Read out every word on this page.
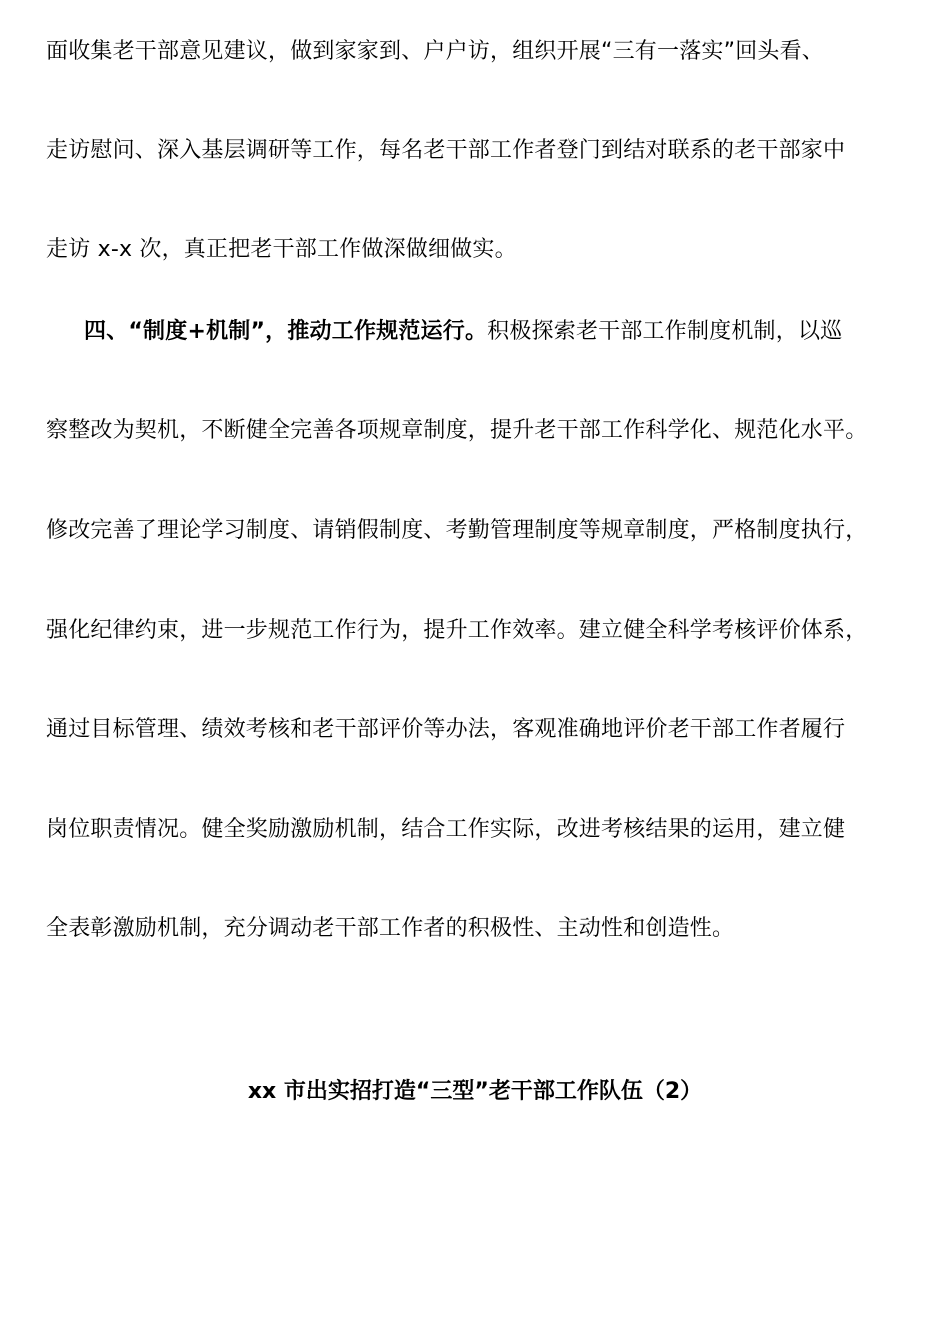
面收集老干部意见建议，做到家家到、户户访，组织开展“三有一落实”回头看、
走访慰问、深入基层调研等工作，每名老干部工作者登门到结对联系的老干部家中
走访 x-x 次，真正把老干部工作做深做细做实。
四、“制度+机制”，推动工作规范运行。积极探索老干部工作制度机制，以巡
察整改为契机，不断健全完善各项规章制度，提升老干部工作科学化、规范化水平。
修改完善了理论学习制度、请销假制度、考勤管理制度等规章制度，严格制度执行，
强化纪律约束，进一步规范工作行为，提升工作效率。建立健全科学考核评价体系，
通过目标管理、绩效考核和老干部评价等办法，客观准确地评价老干部工作者履行
岗位职责情况。健全奖励激励机制，结合工作实际，改进考核结果的运用，建立健
全表彰激励机制，充分调动老干部工作者的积极性、主动性和创造性。
xx 市出实招打造“三型”老干部工作队伍（2）
